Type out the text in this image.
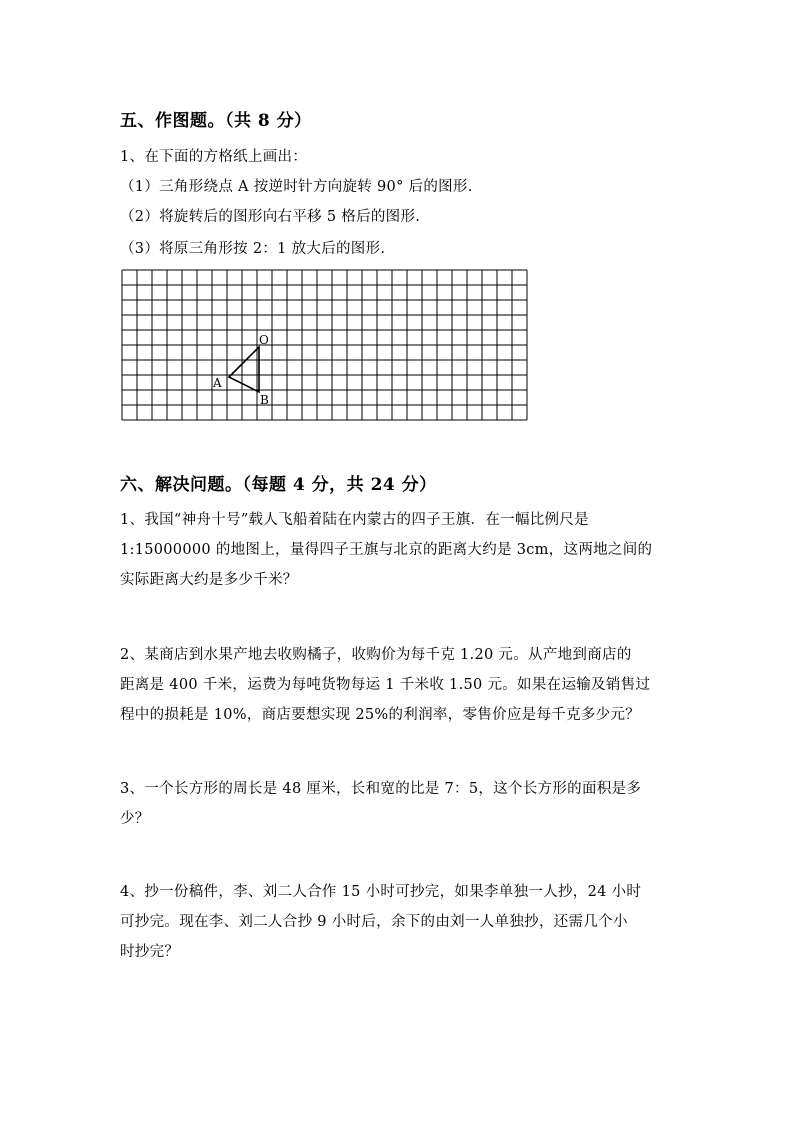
五、作图题。（共 8 分）
1、在下面的方格纸上画出：
（1）三角形绕点 A 按逆时针方向旋转 90° 后的图形.
（2）将旋转后的图形向右平移 5 格后的图形.
（3）将原三角形按 2：1 放大后的图形.
O
A
B
六、解决问题。（每题 4 分，共 24 分）
1、我国“神舟十号”载人飞船着陆在内蒙古的四子王旗．在一幅比例尺是
1:15000000 的地图上，量得四子王旗与北京的距离大约是 3cm，这两地之间的
实际距离大约是多少千米？
2、某商店到水果产地去收购橘子，收购价为每千克 1.20 元。从产地到商店的
距离是 400 千米，运费为每吨货物每运 1 千米收 1.50 元。如果在运输及销售过
程中的损耗是 10%，商店要想实现 25%的利润率，零售价应是每千克多少元？
3、一个长方形的周长是 48 厘米，长和宽的比是 7：5，这个长方形的面积是多
少？
4、抄一份稿件，李、刘二人合作 15 小时可抄完，如果李单独一人抄，24 小时
可抄完。现在李、刘二人合抄 9 小时后，余下的由刘一人单独抄，还需几个小
时抄完？
